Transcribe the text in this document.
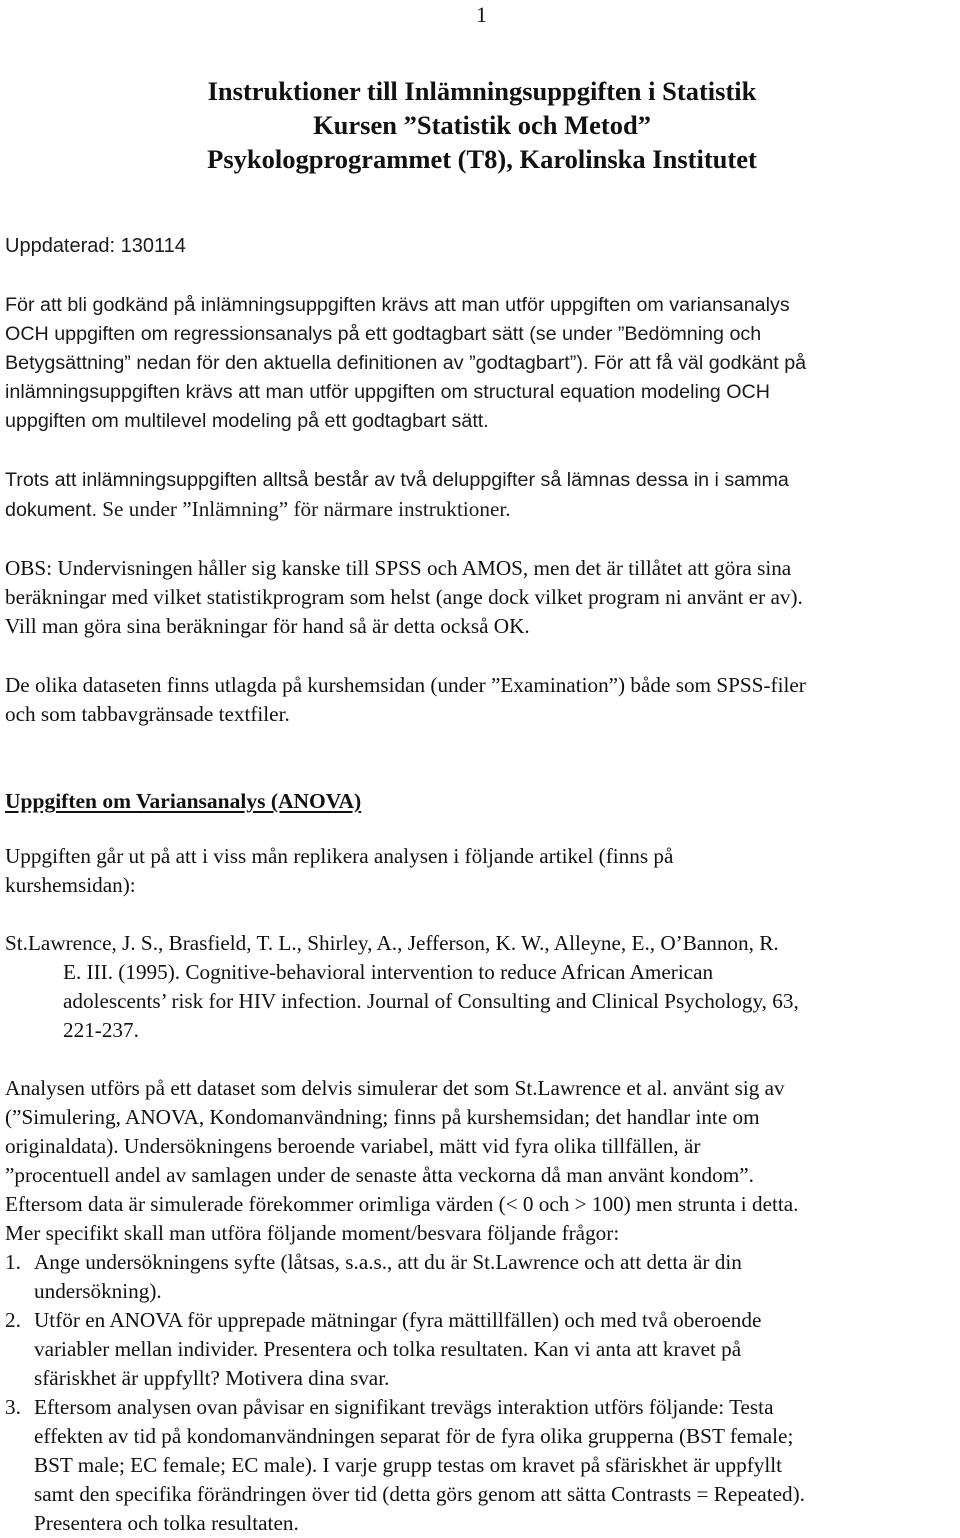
1
Instruktioner till Inlämningsuppgiften i Statistik
Kursen ”Statistik och Metod”
Psykologprogrammet (T8), Karolinska Institutet
Uppdaterad: 130114
För att bli godkänd på inlämningsuppgiften krävs att man utför uppgiften om variansanalys
OCH uppgiften om regressionsanalys på ett godtagbart sätt (se under ”Bedömning och
Betygsättning” nedan för den aktuella definitionen av ”godtagbart”). För att få väl godkänt på
inlämningsuppgiften krävs att man utför uppgiften om structural equation modeling OCH
uppgiften om multilevel modeling på ett godtagbart sätt.
Trots att inlämningsuppgiften alltså består av två deluppgifter så lämnas dessa in i samma
dokument. Se under ”Inlämning” för närmare instruktioner.
OBS: Undervisningen håller sig kanske till SPSS och AMOS, men det är tillåtet att göra sina
beräkningar med vilket statistikprogram som helst (ange dock vilket program ni använt er av).
Vill man göra sina beräkningar för hand så är detta också OK.
De olika dataseten finns utlagda på kurshemsidan (under ”Examination”) både som SPSS-filer
och som tabbavgränsade textfiler.
Uppgiften om Variansanalys (ANOVA)
Uppgiften går ut på att i viss mån replikera analysen i följande artikel (finns på
kurshemsidan):
St.Lawrence, J. S., Brasfield, T. L., Shirley, A., Jefferson, K. W., Alleyne, E., O’Bannon, R.
E. III. (1995). Cognitive-behavioral intervention to reduce African American
adolescents’ risk for HIV infection. Journal of Consulting and Clinical Psychology, 63,
221-237.
Analysen utförs på ett dataset som delvis simulerar det som St.Lawrence et al. använt sig av
(”Simulering, ANOVA, Kondomanvändning; finns på kurshemsidan; det handlar inte om
originaldata). Undersökningens beroende variabel, mätt vid fyra olika tillfällen, är
”procentuell andel av samlagen under de senaste åtta veckorna då man använt kondom”.
Eftersom data är simulerade förekommer orimliga värden (< 0 och > 100) men strunta i detta.
Mer specifikt skall man utföra följande moment/besvara följande frågor:
1. Ange undersökningens syfte (låtsas, s.a.s., att du är St.Lawrence och att detta är din
undersökning).
2. Utför en ANOVA för upprepade mätningar (fyra mättillfällen) och med två oberoende
variabler mellan individer. Presentera och tolka resultaten. Kan vi anta att kravet på
sfäriskhet är uppfyllt? Motivera dina svar.
3. Eftersom analysen ovan påvisar en signifikant trevägs interaktion utförs följande: Testa
effekten av tid på kondomanvändningen separat för de fyra olika grupperna (BST female;
BST male; EC female; EC male). I varje grupp testas om kravet på sfäriskhet är uppfyllt
samt den specifika förändringen över tid (detta görs genom att sätta Contrasts = Repeated).
Presentera och tolka resultaten.
